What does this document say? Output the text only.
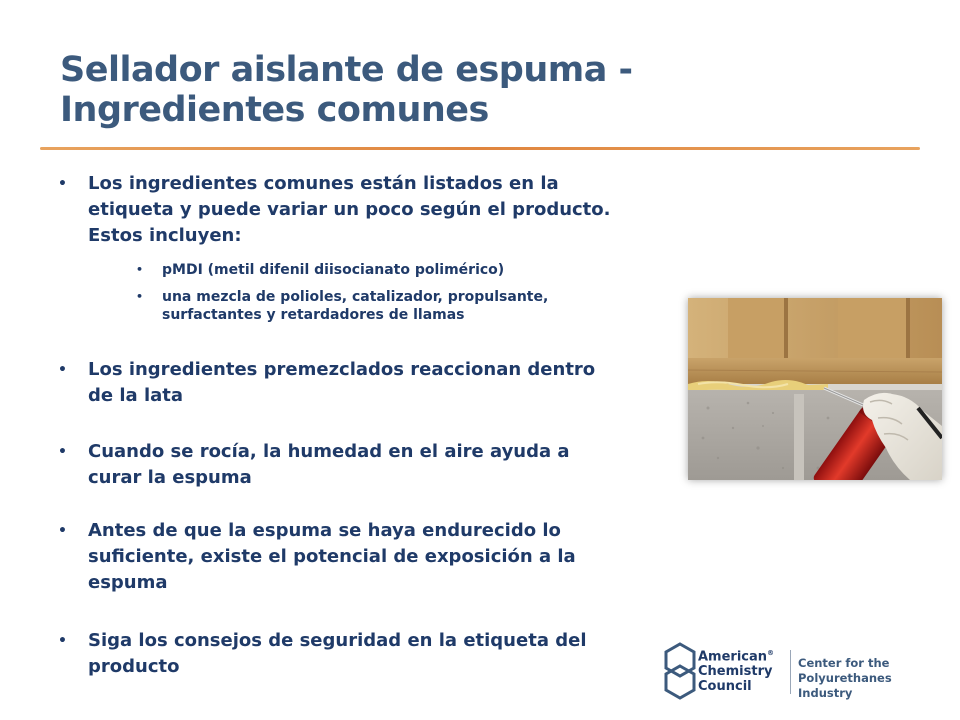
Sellador aislante de espuma -
Ingredientes comunes
• Los ingredientes comunes están listados en la
etiqueta y puede variar un poco según el producto.
Estos incluyen:
• pMDI (metil difenil diisocianato polimérico)
• una mezcla de polioles, catalizador, propulsante,
surfactantes y retardadores de llamas
• Los ingredientes premezclados reaccionan dentro
de la lata
• Cuando se rocía, la humedad en el aire ayuda a
curar la espuma
• Antes de que la espuma se haya endurecido lo
suficiente, existe el potencial de exposición a la
espuma
• Siga los consejos de seguridad en la etiqueta del
producto	American®
Chemistry
Council
Center for the
Polyurethanes Industry
